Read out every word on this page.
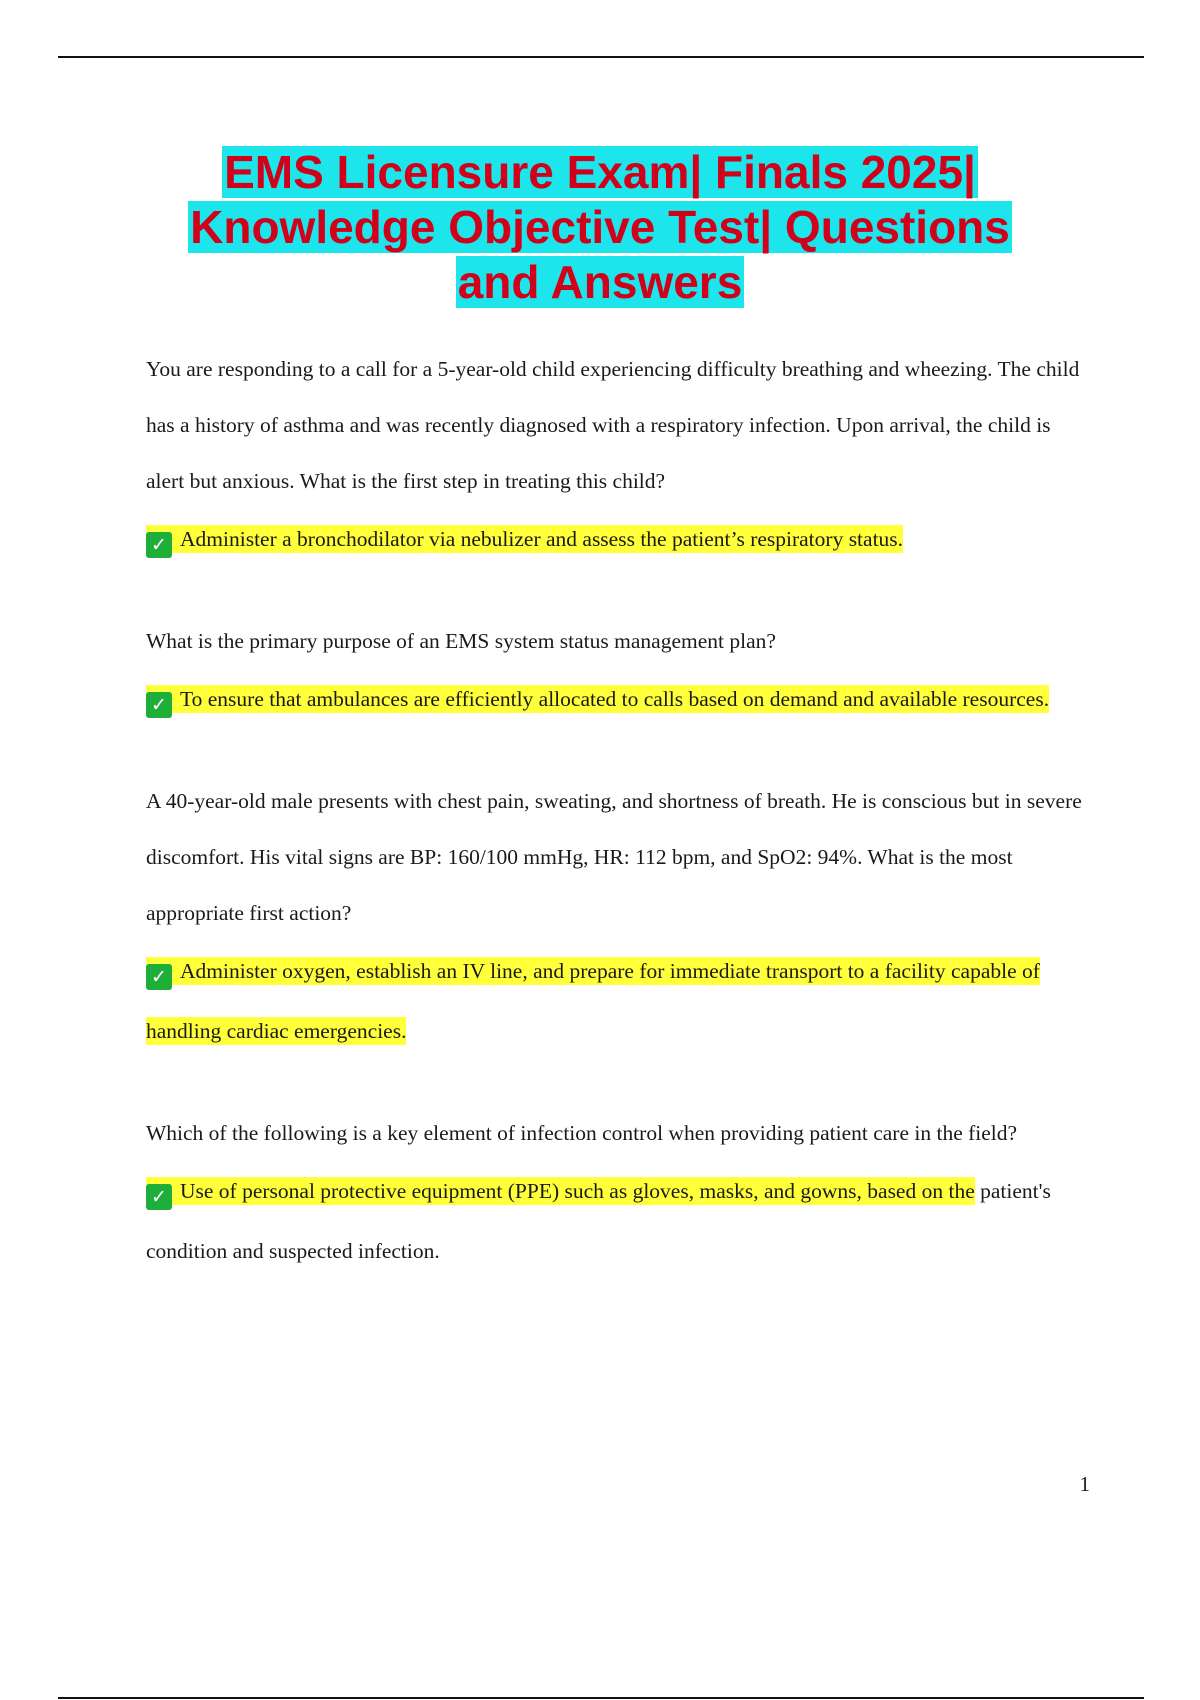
EMS Licensure Exam| Finals 2025|
Knowledge Objective Test| Questions
and Answers

You are responding to a call for a 5-year-old child experiencing difficulty breathing and wheezing. The child has a history of asthma and was recently diagnosed with a respiratory infection. Upon arrival, the child is alert but anxious. What is the first step in treating this child?

✓ Administer a bronchodilator via nebulizer and assess the patient’s respiratory status.

What is the primary purpose of an EMS system status management plan?

✓ To ensure that ambulances are efficiently allocated to calls based on demand and available resources.

A 40-year-old male presents with chest pain, sweating, and shortness of breath. He is conscious but in severe discomfort. His vital signs are BP: 160/100 mmHg, HR: 112 bpm, and SpO2: 94%. What is the most appropriate first action?

✓ Administer oxygen, establish an IV line, and prepare for immediate transport to a facility capable of handling cardiac emergencies.

Which of the following is a key element of infection control when providing patient care in the field?

✓ Use of personal protective equipment (PPE) such as gloves, masks, and gowns, based on the patient's condition and suspected infection.

1
